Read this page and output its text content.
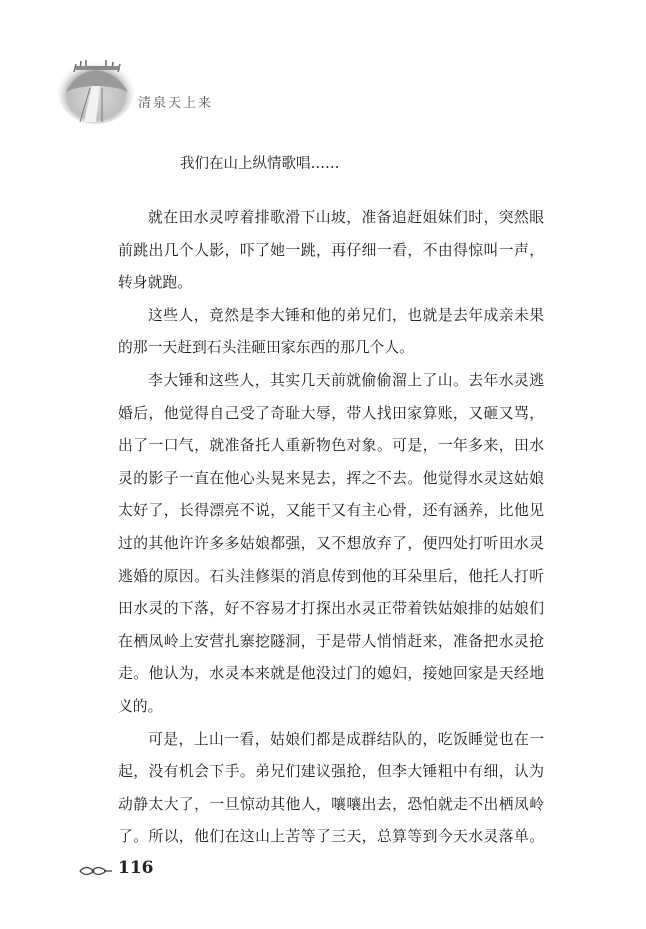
清泉天上来
我们在山上纵情歌唱……

就在田水灵哼着排歌滑下山坡，准备追赶姐妹们时，突然眼
前跳出几个人影，吓了她一跳，再仔细一看，不由得惊叫一声，
转身就跑。

这些人，竟然是李大锤和他的弟兄们，也就是去年成亲未果
的那一天赶到石头洼砸田家东西的那几个人。

李大锤和这些人，其实几天前就偷偷溜上了山。去年水灵逃
婚后，他觉得自己受了奇耻大辱，带人找田家算账，又砸又骂，
出了一口气，就准备托人重新物色对象。可是，一年多来，田水
灵的影子一直在他心头晃来晃去，挥之不去。他觉得水灵这姑娘
太好了，长得漂亮不说，又能干又有主心骨，还有涵养，比他见
过的其他许许多多姑娘都强，又不想放弃了，便四处打听田水灵
逃婚的原因。石头洼修渠的消息传到他的耳朵里后，他托人打听
田水灵的下落，好不容易才打探出水灵正带着铁姑娘排的姑娘们
在栖凤岭上安营扎寨挖隧洞，于是带人悄悄赶来，准备把水灵抢
走。他认为，水灵本来就是他没过门的媳妇，接她回家是天经地
义的。

可是，上山一看，姑娘们都是成群结队的，吃饭睡觉也在一
起，没有机会下手。弟兄们建议强抢，但李大锤粗中有细，认为
动静太大了，一旦惊动其他人，嚷嚷出去，恐怕就走不出栖凤岭
了。所以，他们在这山上苦等了三天，总算等到今天水灵落单。

116
